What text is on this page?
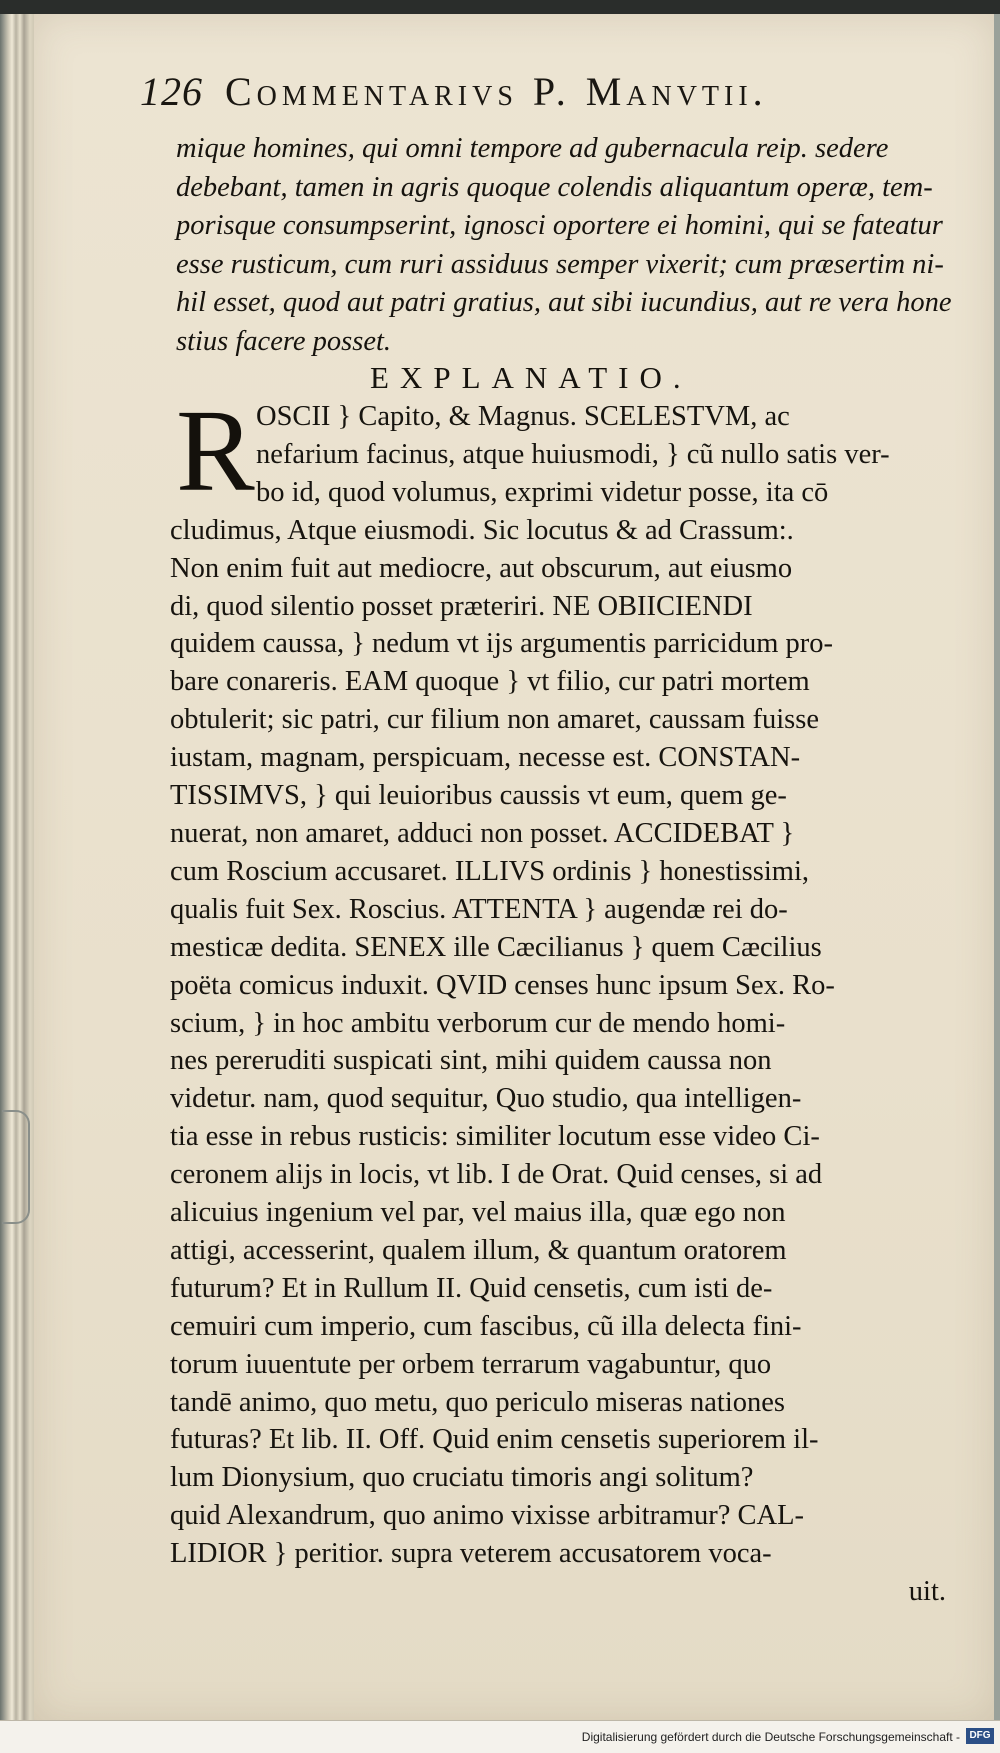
126 Commentarivs P. Manvtii.
mique homines, qui omni tempore ad gubernacula reip. sedere
debebant, tamen in agris quoque colendis aliquantum operæ, tem-
porisque consumpserint, ignosci oportere ei homini, qui se fateatur
esse rusticum, cum ruri assiduus semper vixerit; cum præsertim ni-
hil esset, quod aut patri gratius, aut sibi iucundius, aut re vera hone
stius facere posset.
EXPLANATIO.
R OSCII } Capito, & Magnus. SCELESTVM, ac
nefarium facinus, atque huiusmodi, } cũ nullo satis ver-
bo id, quod volumus, exprimi videtur posse, ita cō
cludimus, Atque eiusmodi. Sic locutus & ad Crassum:.
Non enim fuit aut mediocre, aut obscurum, aut eiusmo
di, quod silentio posset præteriri. NE OBIICIENDI
quidem caussa, } nedum vt ijs argumentis parricidum pro-
bare conareris. EAM quoque } vt filio, cur patri mortem
obtulerit; sic patri, cur filium non amaret, caussam fuisse
iustam, magnam, perspicuam, necesse est. CONSTAN-
TISSIMVS, } qui leuioribus caussis vt eum, quem ge-
nuerat, non amaret, adduci non posset. ACCIDEBAT }
cum Roscium accusaret. ILLIVS ordinis } honestissimi,
qualis fuit Sex. Roscius. ATTENTA } augendæ rei do-
mesticæ dedita. SENEX ille Cæcilianus } quem Cæcilius
poëta comicus induxit. QVID censes hunc ipsum Sex. Ro-
scium, } in hoc ambitu verborum cur de mendo homi-
nes pereruditi suspicati sint, mihi quidem caussa non
videtur. nam, quod sequitur, Quo studio, qua intelligen-
tia esse in rebus rusticis: similiter locutum esse video Ci-
ceronem alijs in locis, vt lib. I de Orat. Quid censes, si ad
alicuius ingenium vel par, vel maius illa, quæ ego non
attigi, accesserint, qualem illum, & quantum oratorem
futurum? Et in Rullum II. Quid censetis, cum isti de-
cemuiri cum imperio, cum fascibus, cũ illa delecta fini-
torum iuuentute per orbem terrarum vagabuntur, quo
tandē animo, quo metu, quo periculo miseras nationes
futuras? Et lib. II. Off. Quid enim censetis superiorem il-
lum Dionysium, quo cruciatu timoris angi solitum?
quid Alexandrum, quo animo vixisse arbitramur? CAL-
LIDIOR } peritior. supra veterem accusatorem voca-
uit.
Digitalisierung gefördert durch die Deutsche Forschungsgemeinschaft - DFG
